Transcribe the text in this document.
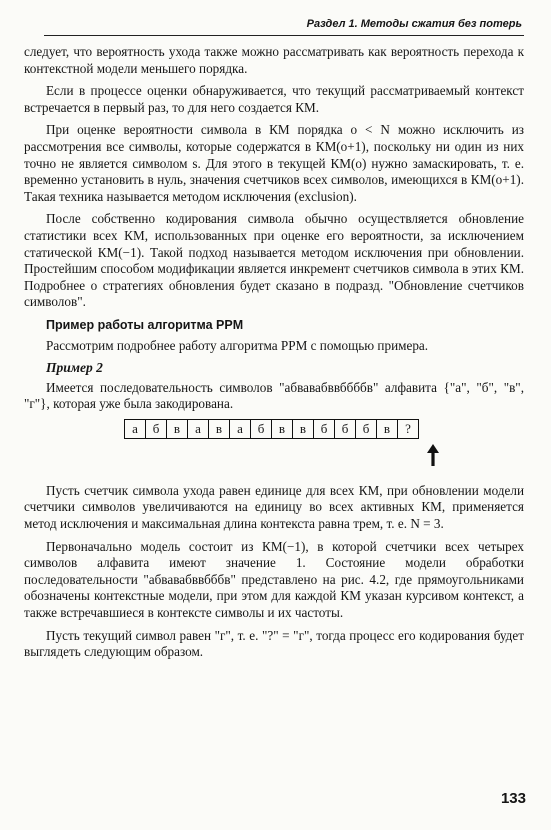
Раздел 1. Методы сжатия без потерь

следует, что вероятность ухода также можно рассматривать как вероятность перехода к контекстной модели меньшего порядка.

Если в процессе оценки обнаруживается, что текущий рассматриваемый контекст встречается в первый раз, то для него создается КМ.

При оценке вероятности символа в КМ порядка o < N можно исключить из рассмотрения все символы, которые содержатся в КМ(o+1), поскольку ни один из них точно не является символом s. Для этого в текущей КМ(o) нужно замаскировать, т. е. временно установить в нуль, значения счетчиков всех символов, имеющихся в КМ(o+1). Такая техника называется методом исключения (exclusion).

После собственно кодирования символа обычно осуществляется обновление статистики всех КМ, использованных при оценке его вероятности, за исключением статической КМ(−1). Такой подход называется методом исключения при обновлении. Простейшим способом модификации является инкремент счетчиков символа в этих КМ. Подробнее о стратегиях обновления будет сказано в подразд. "Обновление счетчиков символов".

Пример работы алгоритма PPM

Рассмотрим подробнее работу алгоритма PPM с помощью примера.

Пример 2

Имеется последовательность символов "абвавабввббббв" алфавита {"а", "б", "в", "г"}, которая уже была закодирована.

а	б	в	а	в	а	б	в	в	б	б	б	в	?

Пусть счетчик символа ухода равен единице для всех КМ, при обновлении модели счетчики символов увеличиваются на единицу во всех активных КМ, применяется метод исключения и максимальная длина контекста равна трем, т. е. N = 3.

Первоначально модель состоит из КМ(−1), в которой счетчики всех четырех символов алфавита имеют значение 1. Состояние модели обработки последовательности "абвавабввбббв" представлено на рис. 4.2, где прямоугольниками обозначены контекстные модели, при этом для каждой КМ указан курсивом контекст, а также встречавшиеся в контексте символы и их частоты.

Пусть текущий символ равен "г", т. е. "?" = "г", тогда процесс его кодирования будет выглядеть следующим образом.

133
